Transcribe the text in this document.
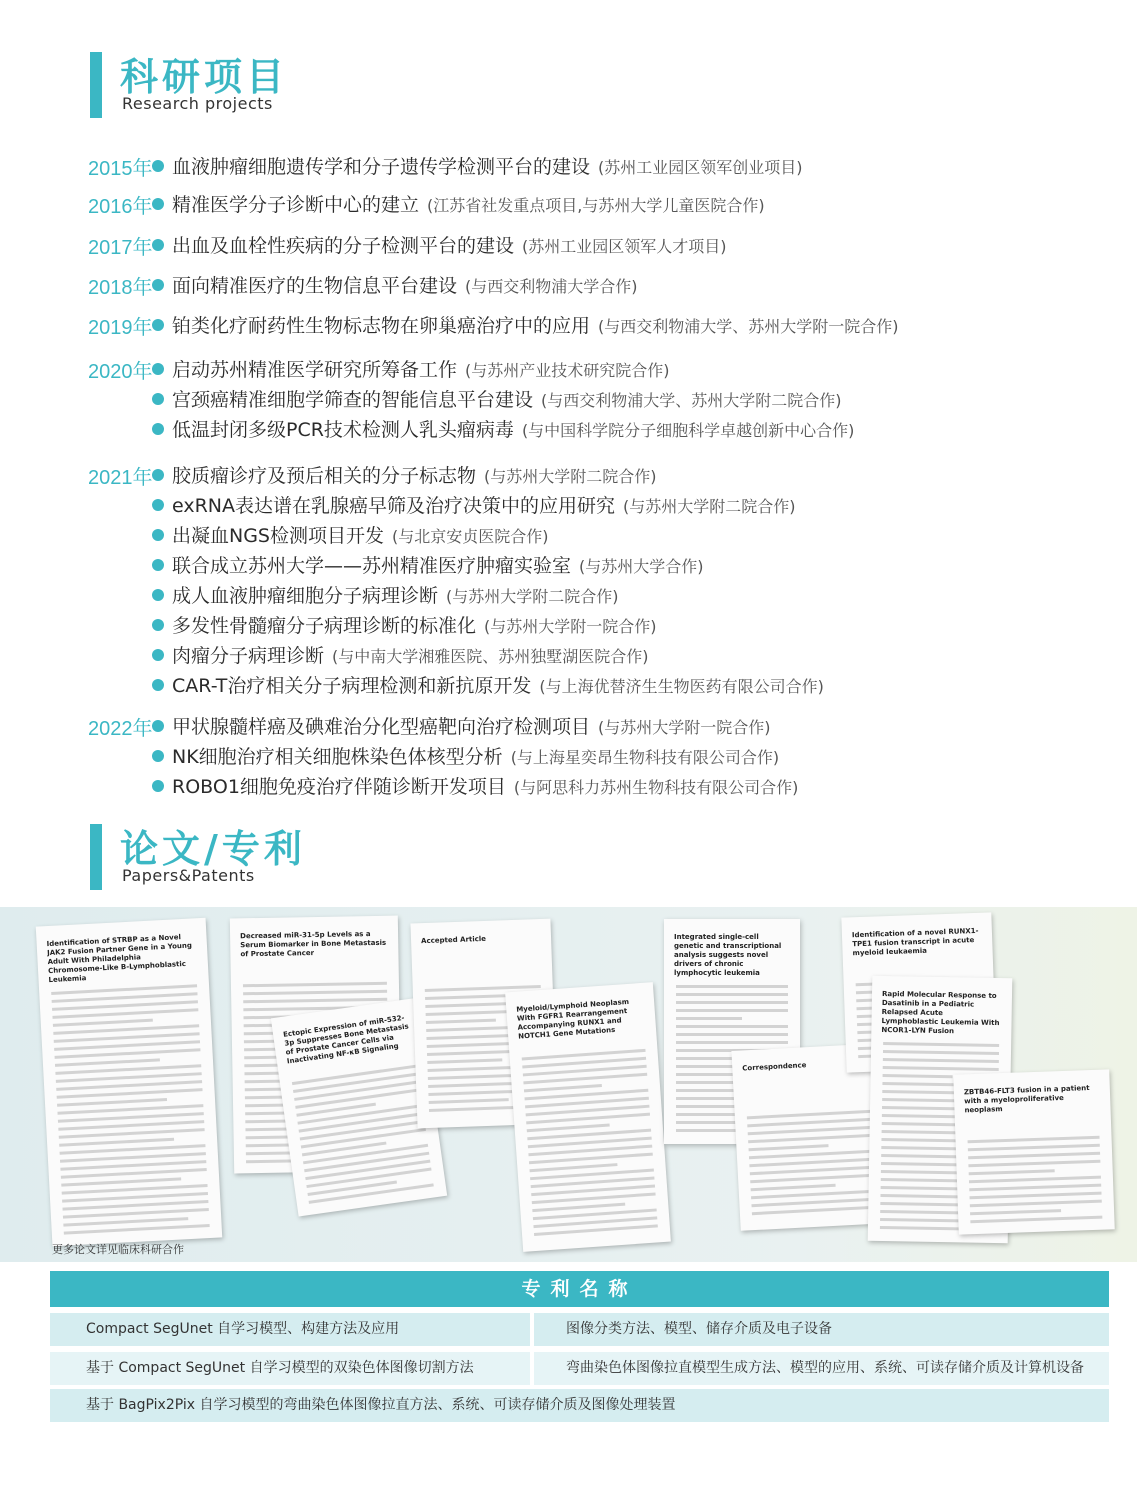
科研项目
Research projects
2015年 血液肿瘤细胞遗传学和分子遗传学检测平台的建设 (苏州工业园区领军创业项目)
2016年 精准医学分子诊断中心的建立 (江苏省社发重点项目,与苏州大学儿童医院合作)
2017年 出血及血栓性疾病的分子检测平台的建设 (苏州工业园区领军人才项目)
2018年 面向精准医疗的生物信息平台建设 (与西交利物浦大学合作)
2019年 铂类化疗耐药性生物标志物在卵巢癌治疗中的应用 (与西交利物浦大学、苏州大学附一院合作)
2020年 启动苏州精准医学研究所筹备工作 (与苏州产业技术研究院合作)
宫颈癌精准细胞学筛查的智能信息平台建设 (与西交利物浦大学、苏州大学附二院合作)
低温封闭多级PCR技术检测人乳头瘤病毒 (与中国科学院分子细胞科学卓越创新中心合作)
2021年 胶质瘤诊疗及预后相关的分子标志物 (与苏州大学附二院合作)
exRNA表达谱在乳腺癌早筛及治疗决策中的应用研究 (与苏州大学附二院合作)
出凝血NGS检测项目开发 (与北京安贞医院合作)
联合成立苏州大学——苏州精准医疗肿瘤实验室 (与苏州大学合作)
成人血液肿瘤细胞分子病理诊断 (与苏州大学附二院合作)
多发性骨髓瘤分子病理诊断的标准化 (与苏州大学附一院合作)
肉瘤分子病理诊断 (与中南大学湘雅医院、苏州独墅湖医院合作)
CAR-T治疗相关分子病理检测和新抗原开发 (与上海优替济生生物医药有限公司合作)
2022年 甲状腺髓样癌及碘难治分化型癌靶向治疗检测项目 (与苏州大学附一院合作)
NK细胞治疗相关细胞株染色体核型分析 (与上海星奕昂生物科技有限公司合作)
ROBO1细胞免疫治疗伴随诊断开发项目 (与阿思科力苏州生物科技有限公司合作)
论文/专利
Papers&Patents
Identification of STRBP as a Novel JAK2 Fusion Partner Gene in a Young Adult With Philadelphia Chromosome-Like B-Lymphoblastic Leukemia
Decreased miR-31-5p Levels as a Serum Biomarker in Bone Metastasis of Prostate Cancer
Ectopic Expression of miR-532-3p Suppresses Bone Metastasis of Prostate Cancer Cells via Inactivating NF-κB Signaling
Accepted Article
Myeloid/Lymphoid Neoplasm With FGFR1 Rearrangement Accompanying RUNX1 and NOTCH1 Gene Mutations
Integrated single-cell genetic and transcriptional analysis suggests novel drivers of chronic lymphocytic leukemia
Correspondence
Identification of a novel RUNX1-TPE1 fusion transcript in acute myeloid leukaemia
Rapid Molecular Response to Dasatinib in a Pediatric Relapsed Acute Lymphoblastic Leukemia With NCOR1-LYN Fusion
ZBTB46-FLT3 fusion in a patient with a myeloproliferative neoplasm
更多论文详见临床科研合作
专利名称
Compact SegUnet 自学习模型、构建方法及应用	图像分类方法、模型、储存介质及电子设备
基于 Compact SegUnet 自学习模型的双染色体图像切割方法	弯曲染色体图像拉直模型生成方法、模型的应用、系统、可读存储介质及计算机设备
基于 BagPix2Pix 自学习模型的弯曲染色体图像拉直方法、系统、可读存储介质及图像处理装置
